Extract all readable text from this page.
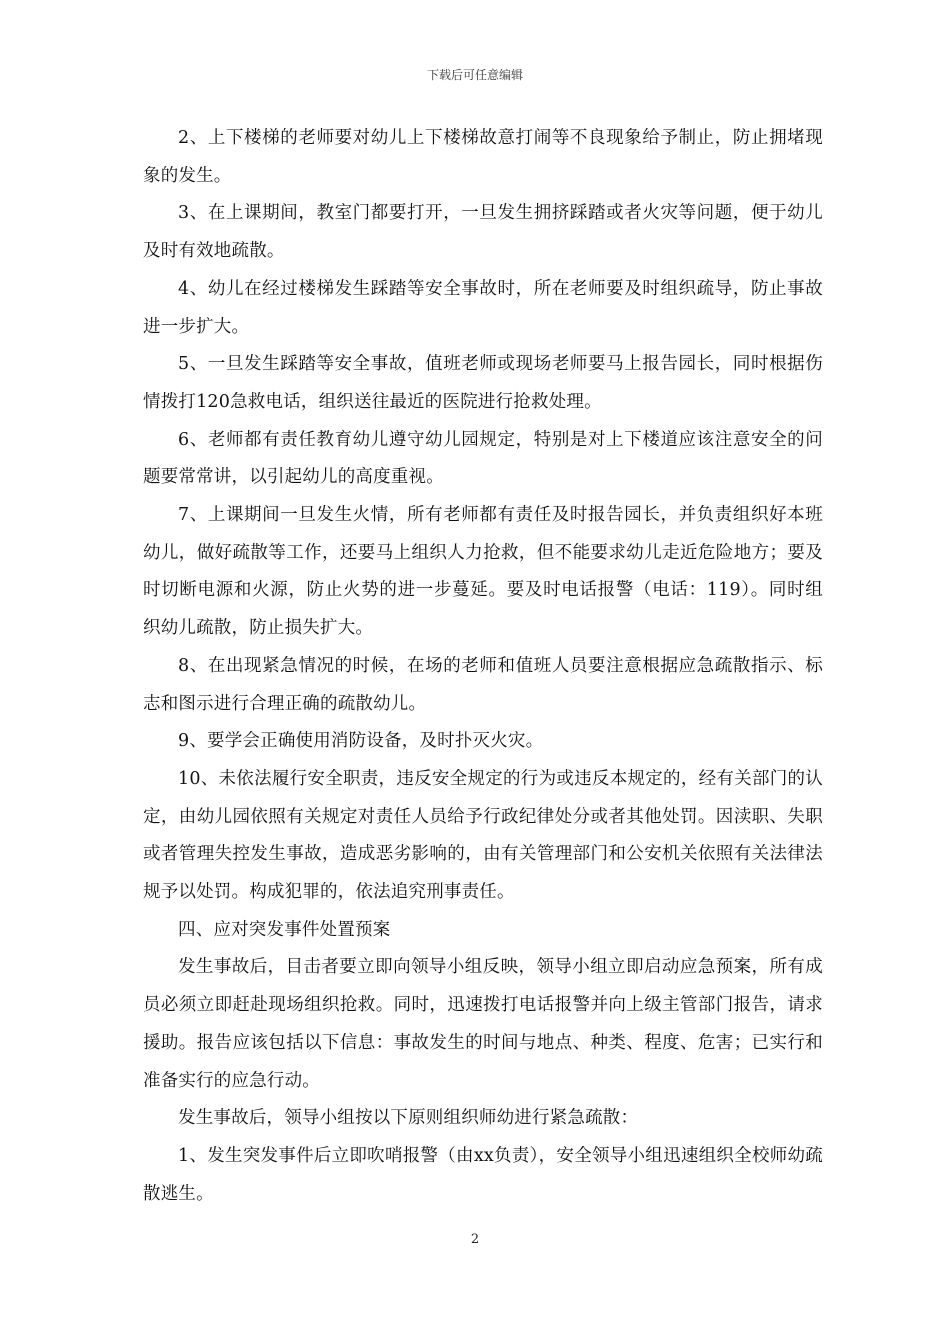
下载后可任意编辑

2、上下楼梯的老师要对幼儿上下楼梯故意打闹等不良现象给予制止，防止拥堵现象的发生。

3、在上课期间，教室门都要打开，一旦发生拥挤踩踏或者火灾等问题，便于幼儿及时有效地疏散。

4、幼儿在经过楼梯发生踩踏等安全事故时，所在老师要及时组织疏导，防止事故进一步扩大。

5、一旦发生踩踏等安全事故，值班老师或现场老师要马上报告园长，同时根据伤情拨打120急救电话，组织送往最近的医院进行抢救处理。

6、老师都有责任教育幼儿遵守幼儿园规定，特别是对上下楼道应该注意安全的问题要常常讲，以引起幼儿的高度重视。

7、上课期间一旦发生火情，所有老师都有责任及时报告园长，并负责组织好本班幼儿，做好疏散等工作，还要马上组织人力抢救，但不能要求幼儿走近危险地方；要及时切断电源和火源，防止火势的进一步蔓延。要及时电话报警（电话：119）。同时组织幼儿疏散，防止损失扩大。

8、在出现紧急情况的时候，在场的老师和值班人员要注意根据应急疏散指示、标志和图示进行合理正确的疏散幼儿。

9、要学会正确使用消防设备，及时扑灭火灾。

10、未依法履行安全职责，违反安全规定的行为或违反本规定的，经有关部门的认定，由幼儿园依照有关规定对责任人员给予行政纪律处分或者其他处罚。因渎职、失职或者管理失控发生事故，造成恶劣影响的，由有关管理部门和公安机关依照有关法律法规予以处罚。构成犯罪的，依法追究刑事责任。

四、应对突发事件处置预案

发生事故后，目击者要立即向领导小组反映，领导小组立即启动应急预案，所有成员必须立即赶赴现场组织抢救。同时，迅速拨打电话报警并向上级主管部门报告，请求援助。报告应该包括以下信息：事故发生的时间与地点、种类、程度、危害；已实行和准备实行的应急行动。

发生事故后，领导小组按以下原则组织师幼进行紧急疏散：

1、发生突发事件后立即吹哨报警（由xx负责），安全领导小组迅速组织全校师幼疏散逃生。

2
